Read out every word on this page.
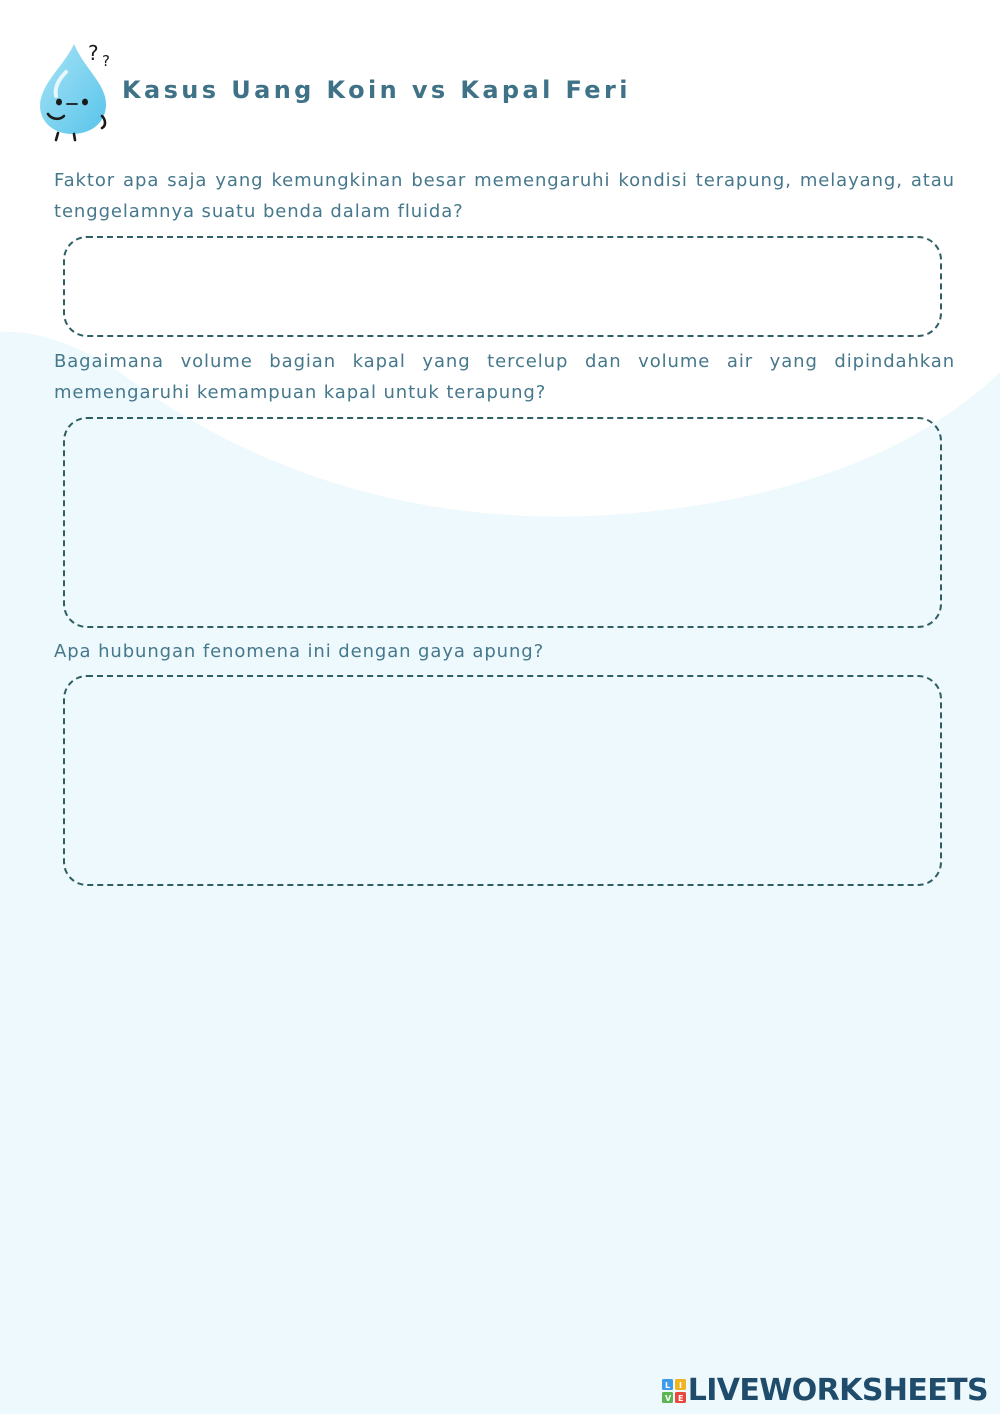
? ?
Kasus Uang Koin vs Kapal Feri

Faktor apa saja yang kemungkinan besar memengaruhi kondisi terapung, melayang, atau tenggelamnya suatu benda dalam fluida?

Bagaimana volume bagian kapal yang tercelup dan volume air yang dipindahkan memengaruhi kemampuan kapal untuk terapung?

Apa hubungan fenomena ini dengan gaya apung?

L I
V E LIVEWORKSHEETS
